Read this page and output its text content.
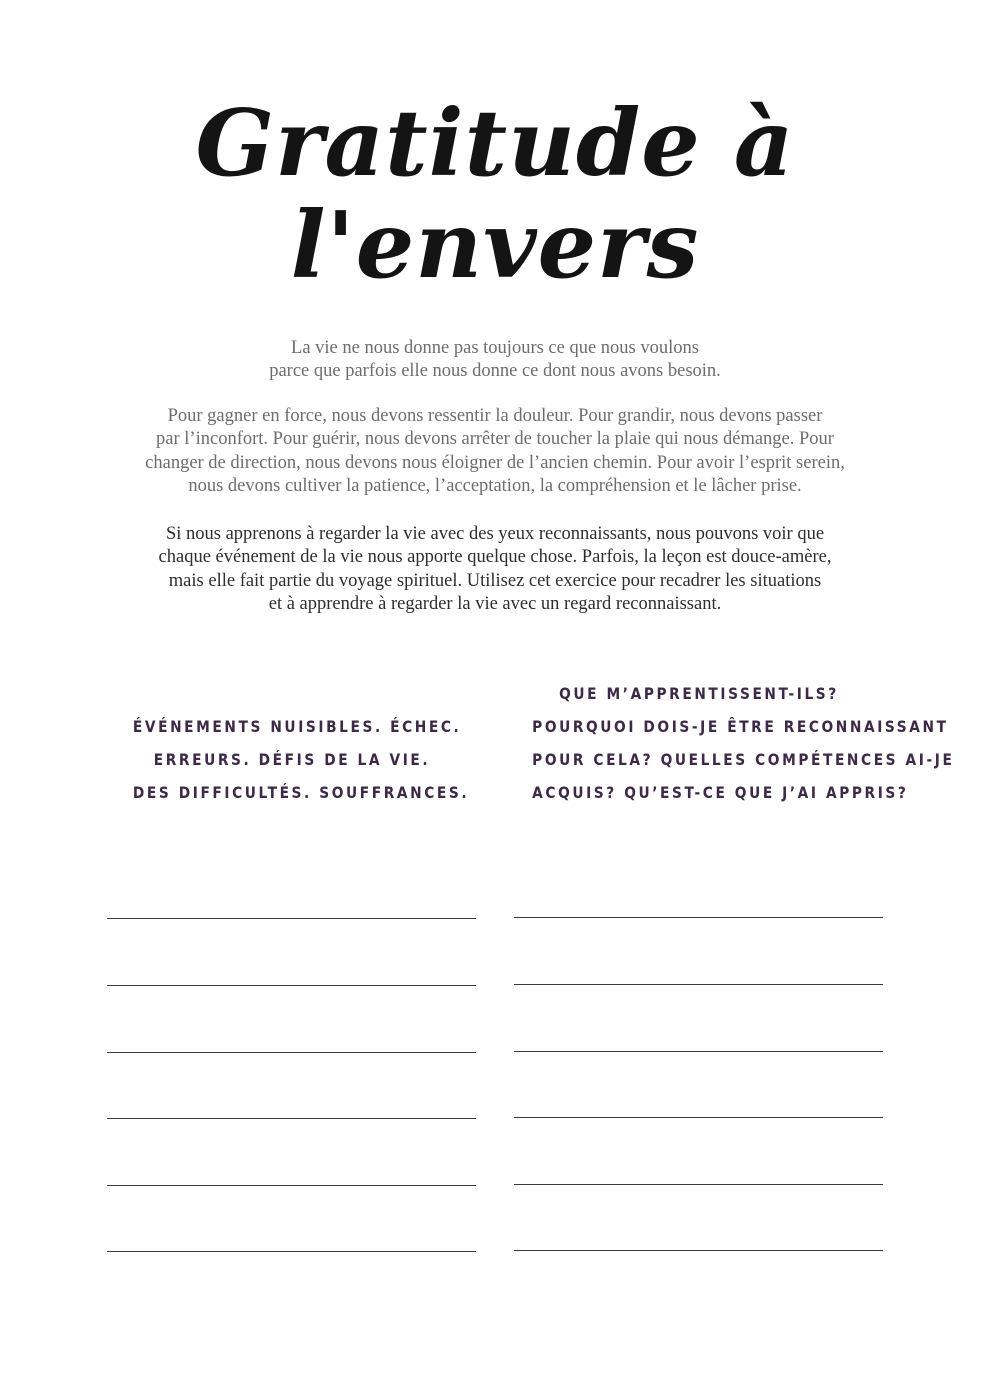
Gratitude à
l'envers

La vie ne nous donne pas toujours ce que nous voulons
parce que parfois elle nous donne ce dont nous avons besoin.

Pour gagner en force, nous devons ressentir la douleur. Pour grandir, nous devons passer
par l’inconfort. Pour guérir, nous devons arrêter de toucher la plaie qui nous démange. Pour
changer de direction, nous devons nous éloigner de l’ancien chemin. Pour avoir l’esprit serein,
nous devons cultiver la patience, l’acceptation, la compréhension et le lâcher prise.

Si nous apprenons à regarder la vie avec des yeux reconnaissants, nous pouvons voir que
chaque événement de la vie nous apporte quelque chose. Parfois, la leçon est douce-amère,
mais elle fait partie du voyage spirituel. Utilisez cet exercice pour recadrer les situations
et à apprendre à regarder la vie avec un regard reconnaissant.

ÉVÉNEMENTS NUISIBLES. ÉCHEC.
ERREURS. DÉFIS DE LA VIE.
DES DIFFICULTÉS. SOUFFRANCES.
QUE M’APPRENTISSENT-ILS?
POURQUOI DOIS-JE ÊTRE RECONNAISSANT
POUR CELA? QUELLES COMPÉTENCES AI-JE
ACQUIS? QU’EST-CE QUE J’AI APPRIS?
